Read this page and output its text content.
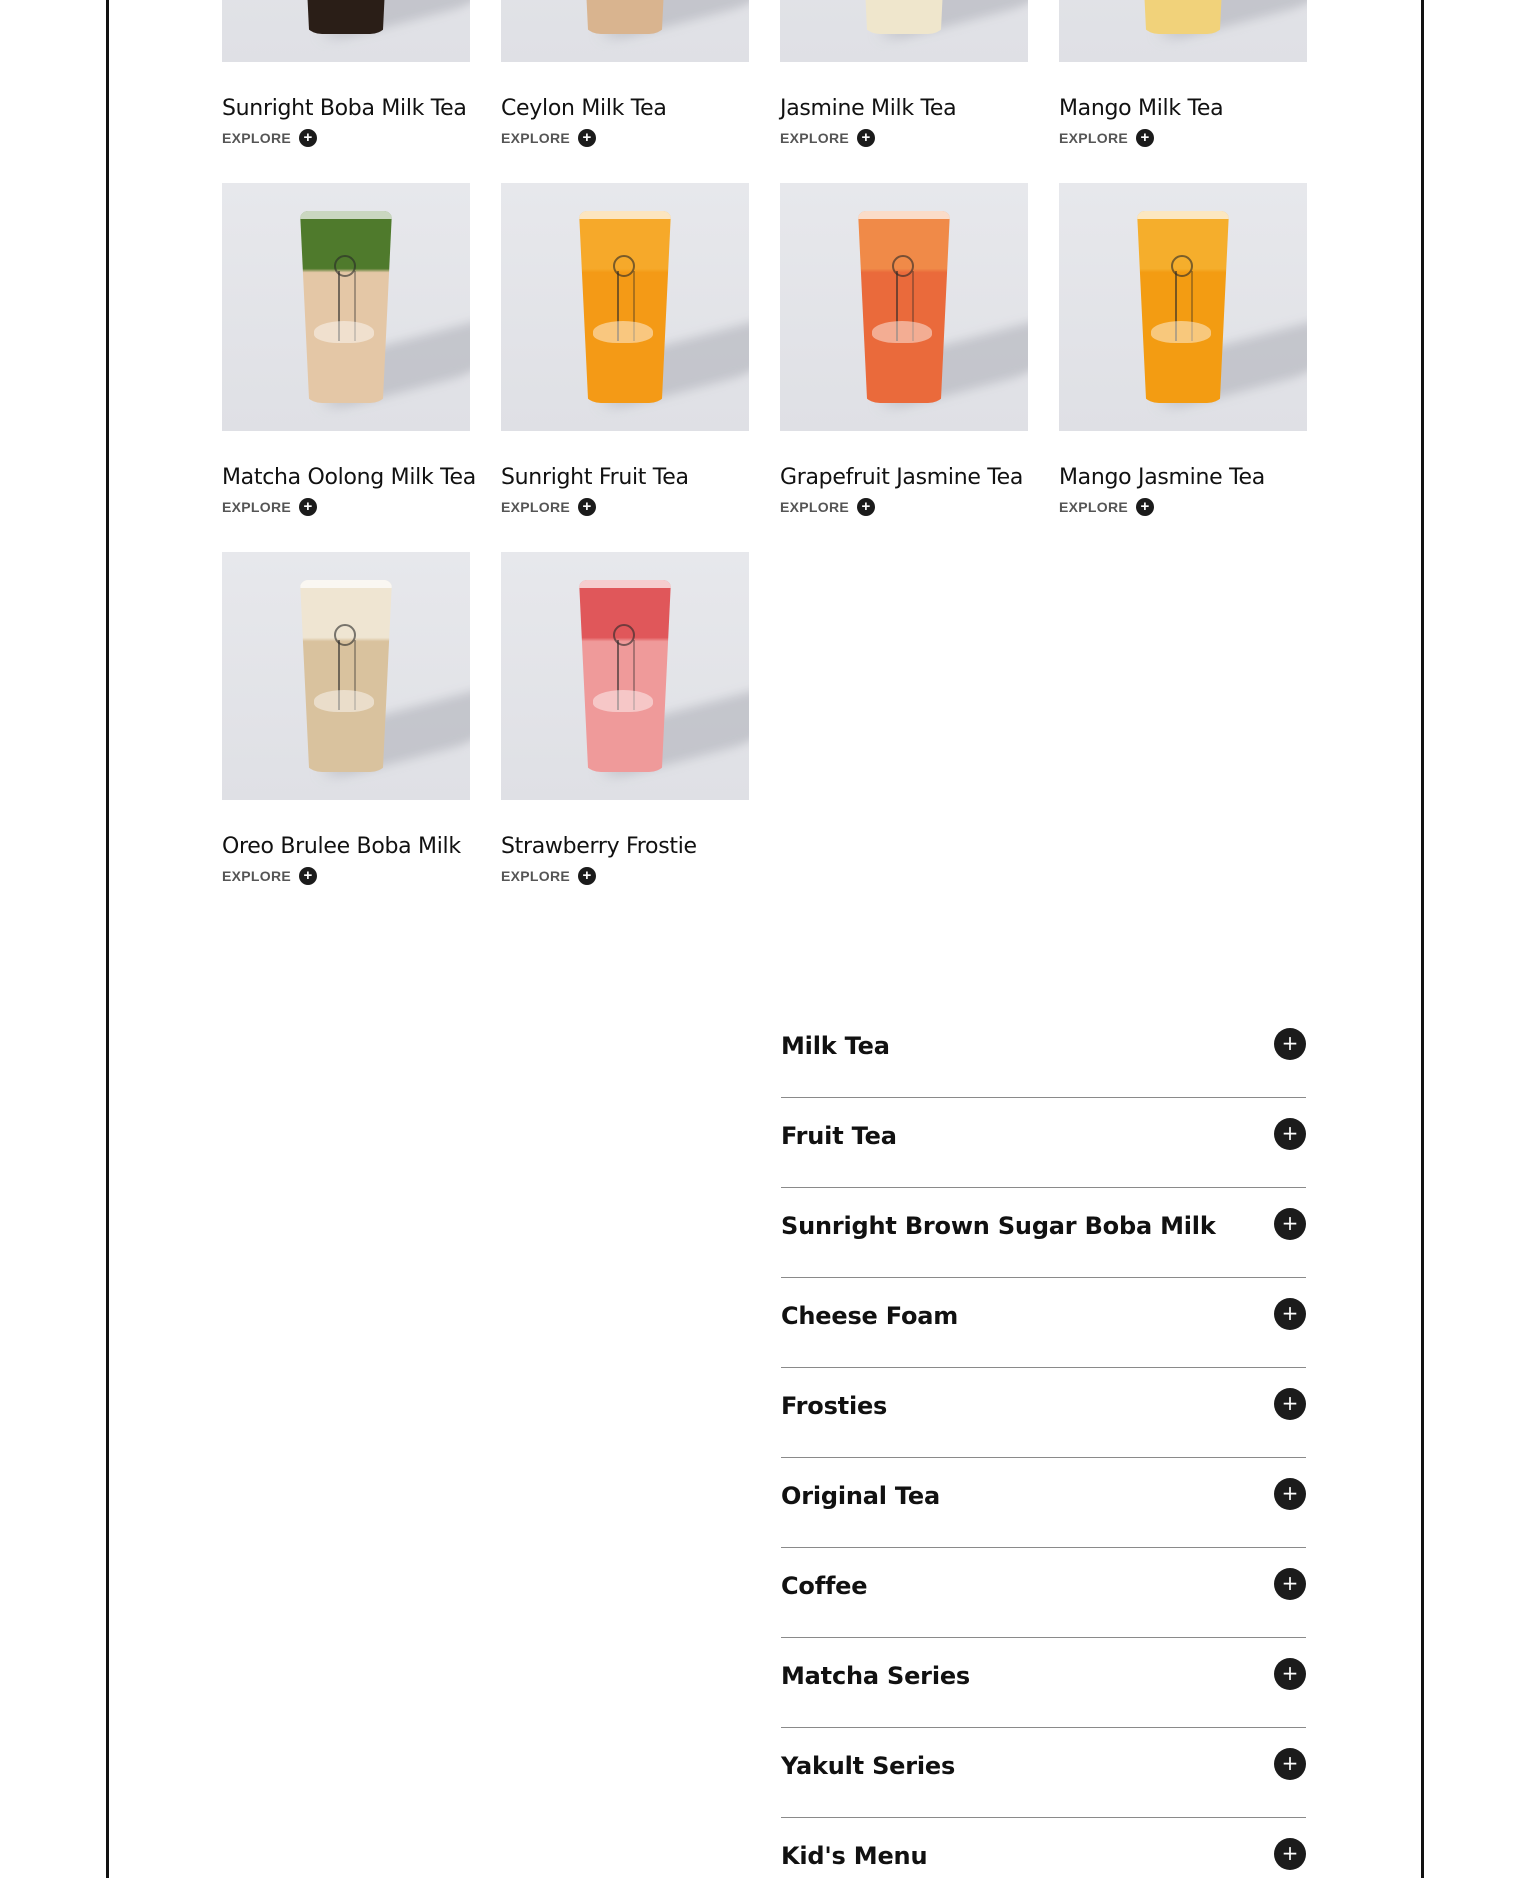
Sunright Boba Milk Tea
EXPLORE +
Ceylon Milk Tea
EXPLORE +
Jasmine Milk Tea
EXPLORE +
Mango Milk Tea
EXPLORE +
Matcha Oolong Milk Tea
EXPLORE +
Sunright Fruit Tea
EXPLORE +
Grapefruit Jasmine Tea
EXPLORE +
Mango Jasmine Tea
EXPLORE +
Oreo Brulee Boba Milk
EXPLORE +
Strawberry Frostie
EXPLORE +
Milk Tea	+
Fruit Tea	+
Sunright Brown Sugar Boba Milk	+
Cheese Foam	+
Frosties	+
Original Tea	+
Coffee	+
Matcha Series	+
Yakult Series	+
Kid's Menu	+
